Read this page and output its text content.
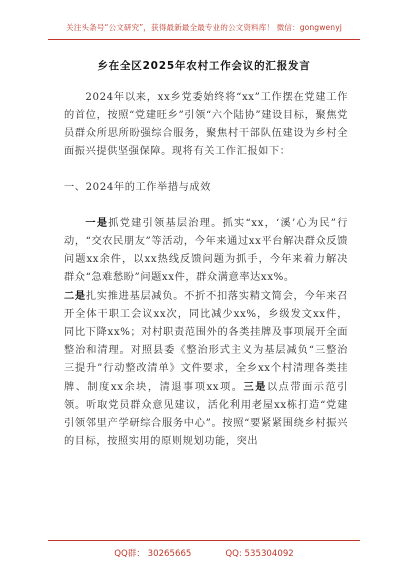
关注头条号“公文研究”，获得最新最全最专业的公文资料库！ 微信：gongwenyj
乡在全区2025年农村工作会议的汇报发言

2024年以来，xx乡党委始终将“xx”工作摆在党建工作的首位，按照“党建旺乡”引领“六个陆协”建设目标，聚焦党员群众所思所盼强综合服务，聚焦村干部队伍建设为乡村全面振兴提供坚强保障。现将有关工作汇报如下：

一、2024年的工作举措与成效

一是抓党建引领基层治理。抓实“xx，‘溪’心为民”行动，“交农民朋友”等活动，今年来通过xx平台解决群众反馈问题xx余件，以xx热线反馈问题为抓手，今年来着力解决群众“急难愁盼”问题xx件，群众满意率达xx%。

二是扎实推进基层减负。不折不扣落实精文简会，今年来召开全体干职工会议xx次，同比减少xx%，乡级发文xx件，同比下降xx%；对村职责范围外的各类挂牌及事项展开全面整治和清理。对照县委《整治形式主义为基层减负“三整治三提升”行动整改清单》文件要求，全乡xx个村清理各类挂牌、制度xx余块，清退事项xx项。三是以点带面示范引领。听取党员群众意见建议，活化利用老屋xx栋打造“党建引领邻里产学研综合服务中心”。按照“要紧紧围绕乡村振兴的目标，按照实用的原则规划功能，突出

QQ群： 30265665	QQ: 535304092
